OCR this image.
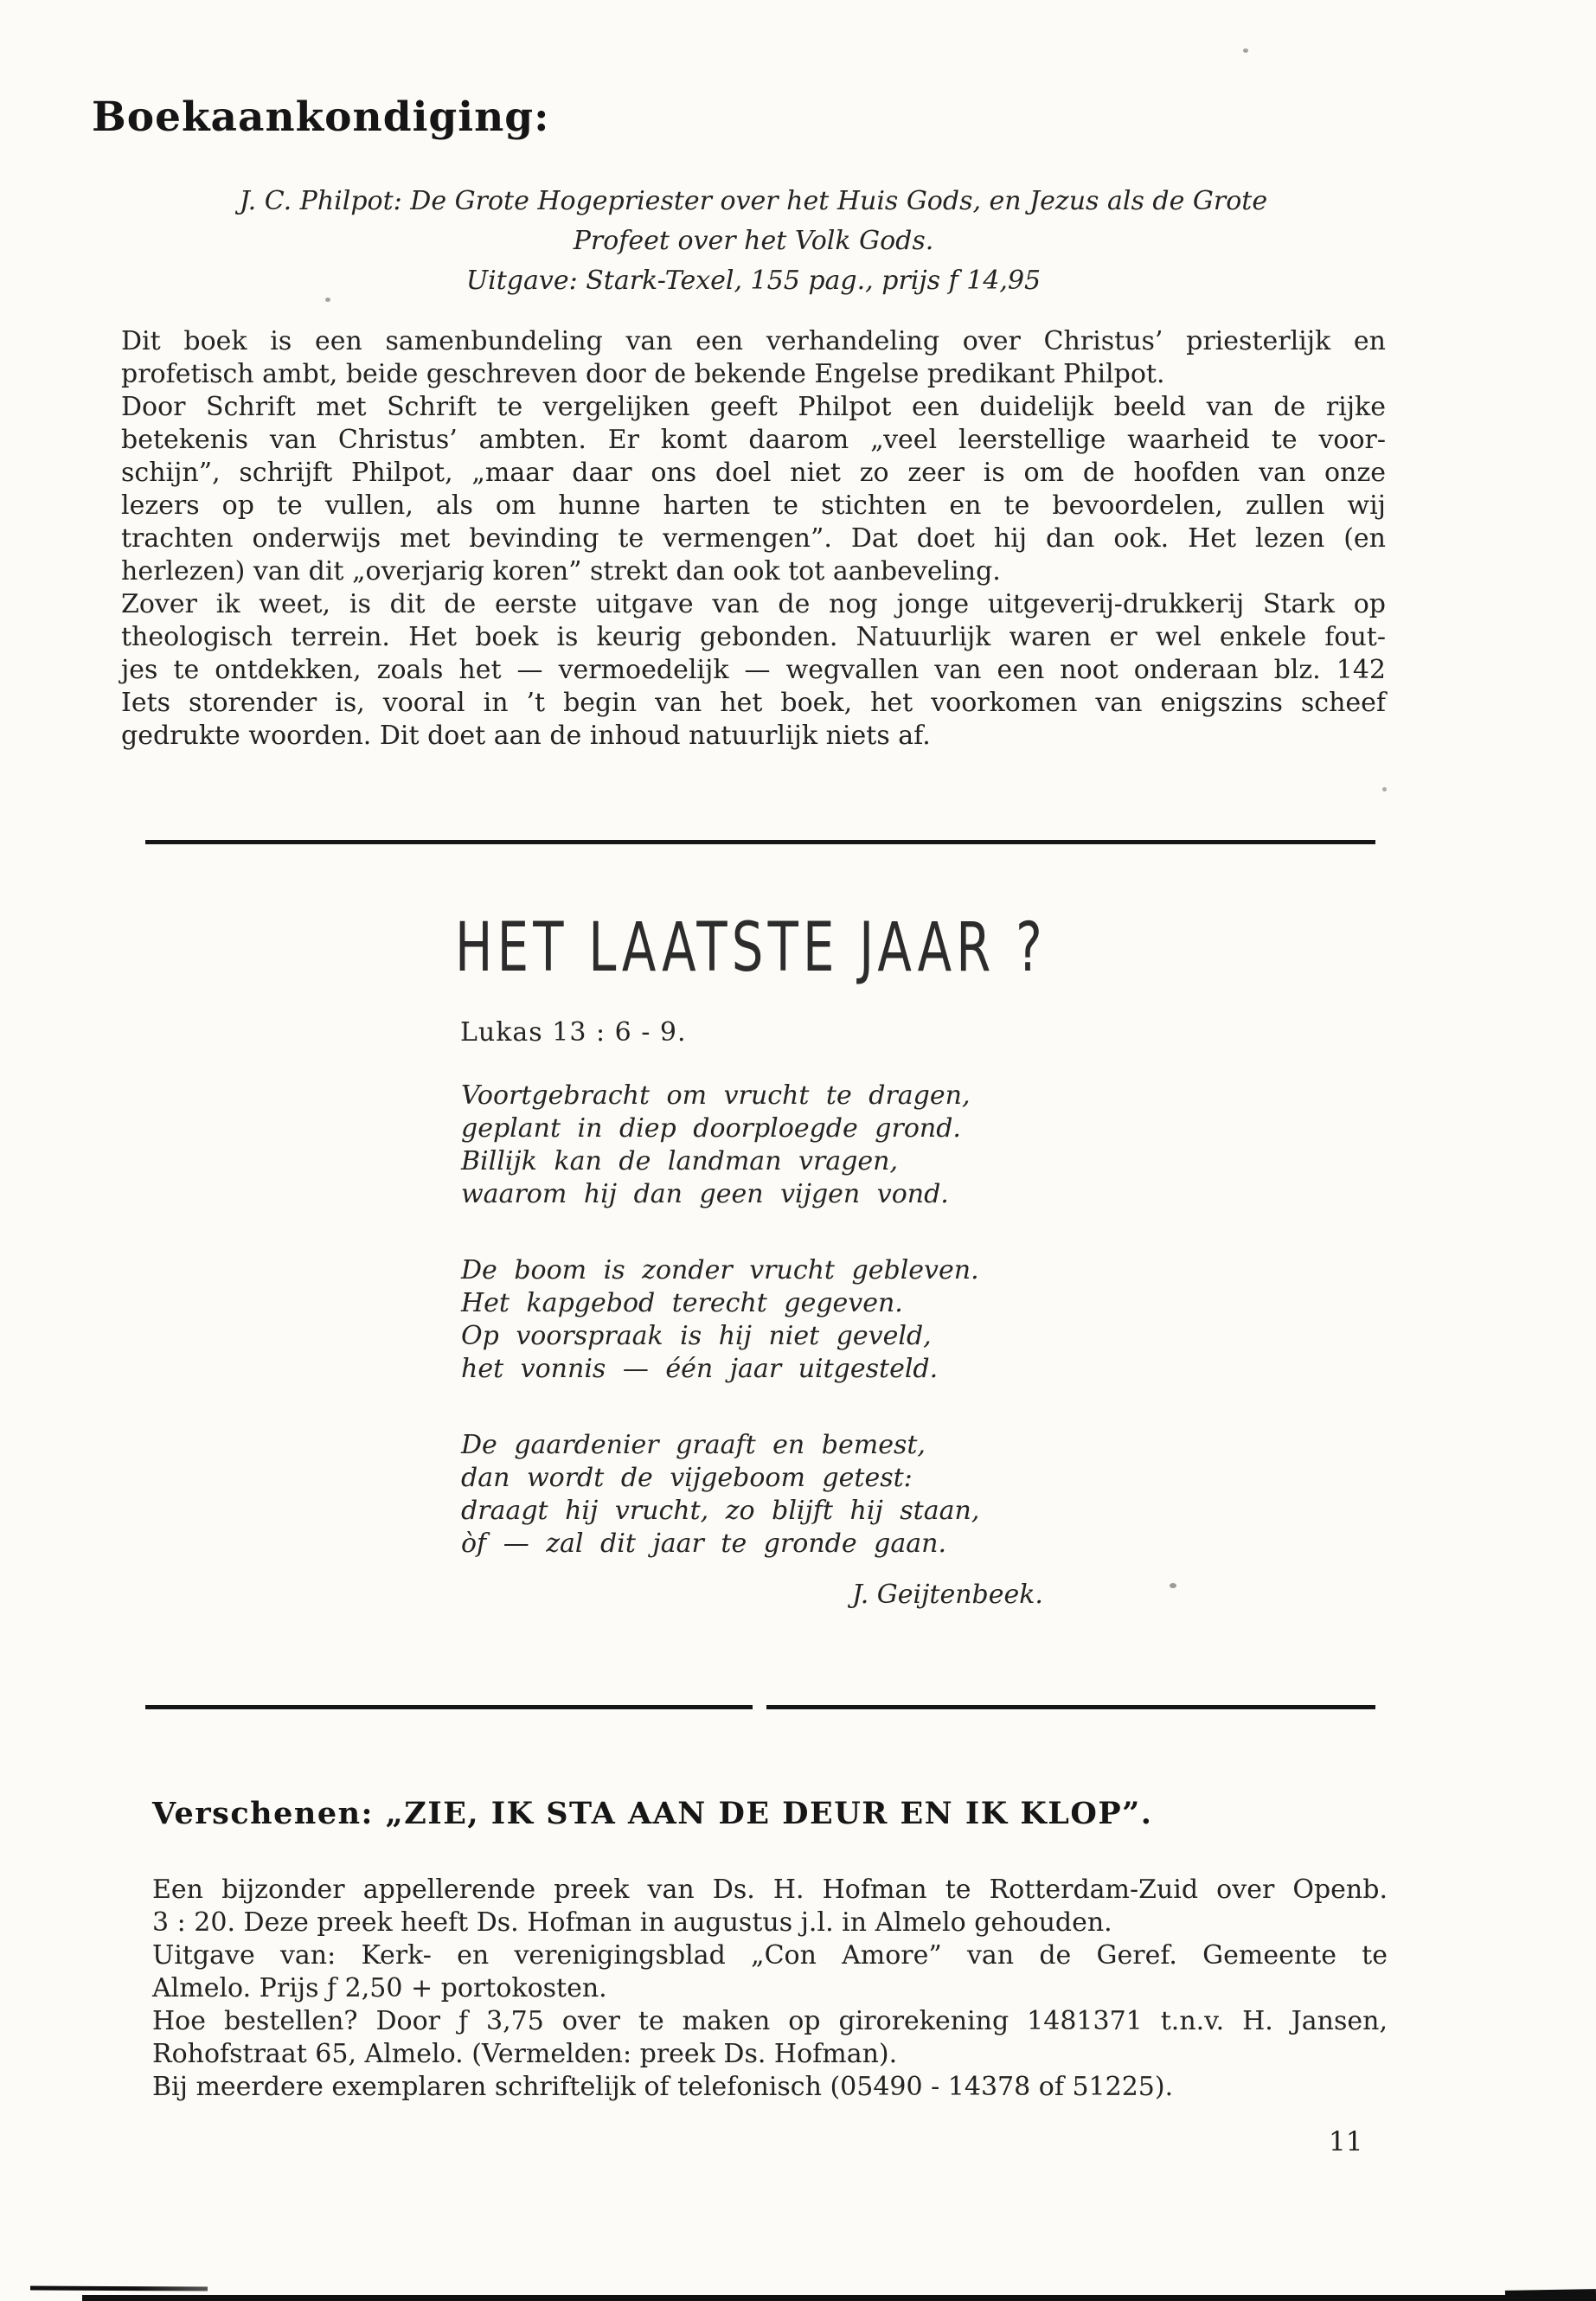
Boekaankondiging:
J. C. Philpot: De Grote Hogepriester over het Huis Gods, en Jezus als de Grote
Profeet over het Volk Gods.
Uitgave: Stark-Texel, 155 pag., prijs f 14,95
Dit boek is een samenbundeling van een verhandeling over Christus’ priesterlijk en
profetisch ambt, beide geschreven door de bekende Engelse predikant Philpot.
Door Schrift met Schrift te vergelijken geeft Philpot een duidelijk beeld van de rijke
betekenis van Christus’ ambten. Er komt daarom „veel leerstellige waarheid te voor-
schijn”, schrijft Philpot, „maar daar ons doel niet zo zeer is om de hoofden van onze
lezers op te vullen, als om hunne harten te stichten en te bevoordelen, zullen wij
trachten onderwijs met bevinding te vermengen”. Dat doet hij dan ook. Het lezen (en
herlezen) van dit „overjarig koren” strekt dan ook tot aanbeveling.
Zover ik weet, is dit de eerste uitgave van de nog jonge uitgeverij-drukkerij Stark op
theologisch terrein. Het boek is keurig gebonden. Natuurlijk waren er wel enkele fout-
jes te ontdekken, zoals het — vermoedelijk — wegvallen van een noot onderaan blz. 142
Iets storender is, vooral in ’t begin van het boek, het voorkomen van enigszins scheef
gedrukte woorden. Dit doet aan de inhoud natuurlijk niets af.
HET LAATSTE JAAR ?
Lukas 13 : 6 - 9.
Voortgebracht om vrucht te dragen,
geplant in diep doorploegde grond.
Billijk kan de landman vragen,
waarom hij dan geen vijgen vond.
De boom is zonder vrucht gebleven.
Het kapgebod terecht gegeven.
Op voorspraak is hij niet geveld,
het vonnis — één jaar uitgesteld.
De gaardenier graaft en bemest,
dan wordt de vijgeboom getest:
draagt hij vrucht, zo blijft hij staan,
òf — zal dit jaar te gronde gaan.
J. Geijtenbeek.
Verschenen: „ZIE, IK STA AAN DE DEUR EN IK KLOP”.
Een bijzonder appellerende preek van Ds. H. Hofman te Rotterdam-Zuid over Openb.
3 : 20. Deze preek heeft Ds. Hofman in augustus j.l. in Almelo gehouden.
Uitgave van: Kerk- en verenigingsblad „Con Amore” van de Geref. Gemeente te
Almelo. Prijs ƒ 2,50 + portokosten.
Hoe bestellen? Door ƒ 3,75 over te maken op girorekening 1481371 t.n.v. H. Jansen,
Rohofstraat 65, Almelo. (Vermelden: preek Ds. Hofman).
Bij meerdere exemplaren schriftelijk of telefonisch (05490 - 14378 of 51225).
11
